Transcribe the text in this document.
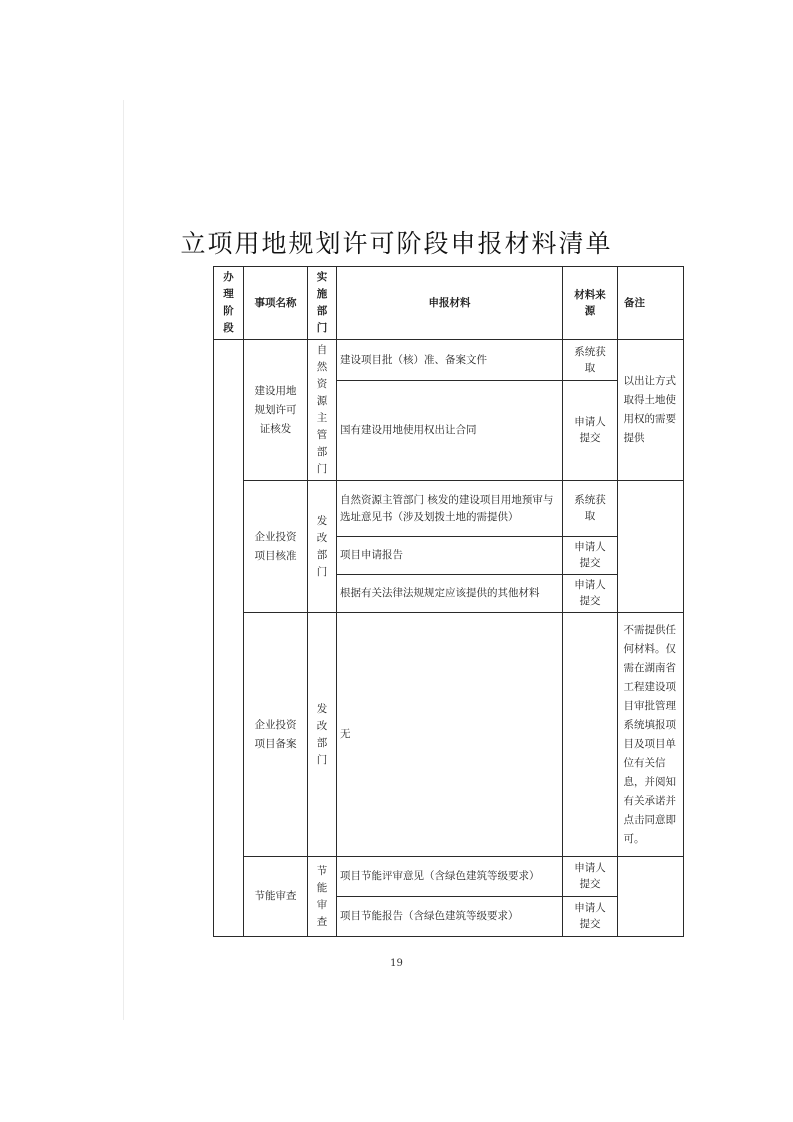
立项用地规划许可阶段申报材料清单
办理阶段	事项名称	实施部门	申报材料	材料来源	备注
	建设用地规划许可证核发	自然资源主管部门	建设项目批（核）准、备案文件	系统获取	以出让方式取得土地使用权的需要提供
			国有建设用地使用权出让合同	申请人提交	
	企业投资项目核准	发改部门	自然资源主管部门 核发的建设项目用地预审与选址意见书（涉及划拨土地的需提供）	系统获取	
			项目申请报告	申请人提交	
			根据有关法律法规规定应该提供的其他材料	申请人提交	
	企业投资项目备案	发改部门	无		不需提供任何材料。仅需在湖南省工程建设项目审批管理系统填报项目及项目单位有关信息，并阅知有关承诺并点击同意即可。
	节能审查	节能审查	项目节能评审意见（含绿色建筑等级要求）	申请人提交	
			项目节能报告（含绿色建筑等级要求）	申请人提交	
19
